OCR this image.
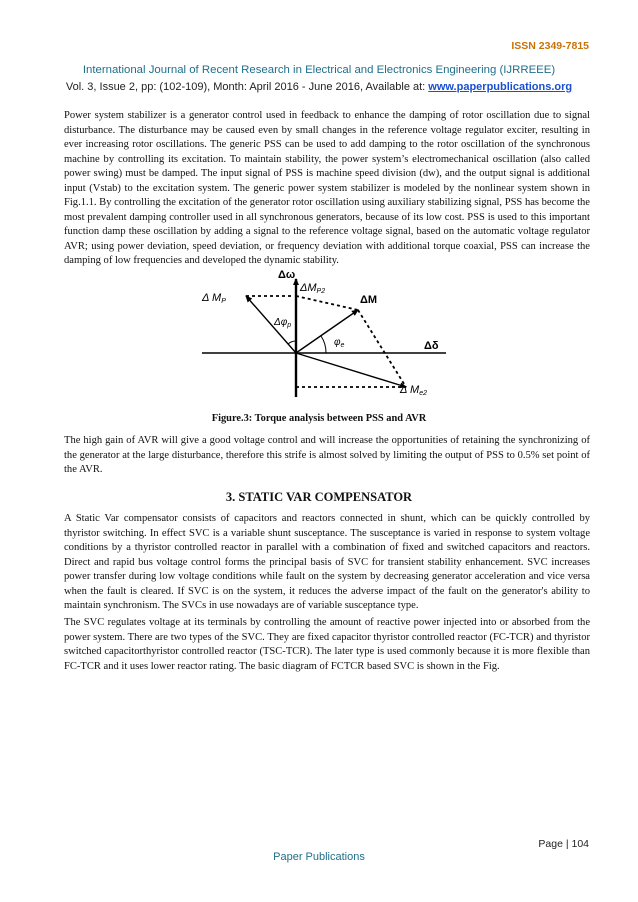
ISSN 2349-7815
International Journal of Recent Research in Electrical and Electronics Engineering (IJRREEE)
Vol. 3, Issue 2, pp: (102-109), Month: April 2016 - June 2016, Available at: www.paperpublications.org

Power system stabilizer is a generator control used in feedback to enhance the damping of rotor oscillation due to signal disturbance. The disturbance may be caused even by small changes in the reference voltage regulator exciter, resulting in ever increasing rotor oscillations. The generic PSS can be used to add damping to the rotor oscillation of the synchronous machine by controlling its excitation. To maintain stability, the power system’s electromechanical oscillation (also called power swing) must be damped. The input signal of PSS is machine speed division (dw), and the output signal is additional input (Vstab) to the excitation system. The generic power system stabilizer is modeled by the nonlinear system shown in Fig.1.1. By controlling the excitation of the generator rotor oscillation using auxiliary stabilizing signal, PSS has become the most prevalent damping controller used in all synchronous generators, because of its low cost. PSS is used to this important function damp these oscillation by adding a signal to the reference voltage signal, based on the automatic voltage regulator AVR; using power deviation, speed deviation, or frequency deviation with additional torque coaxial, PSS can increase the damping of low frequencies and developed the dynamic stability.

Δω
Δδ
Δ MP
ΔMP2
ΔM
Δ Me2
$\Delta\varphi_p$
$\varphi_e$
Figure.3: Torque analysis between PSS and AVR

The high gain of AVR will give a good voltage control and will increase the opportunities of retaining the synchronizing of the generator at the large disturbance, therefore this strife is almost solved by limiting the output of PSS to 0.5% set point of the AVR.

3. STATIC VAR COMPENSATOR

A Static Var compensator consists of capacitors and reactors connected in shunt, which can be quickly controlled by thyristor switching. In effect SVC is a variable shunt susceptance. The susceptance is varied in response to system voltage conditions by a thyristor controlled reactor in parallel with a combination of fixed and switched capacitors and reactors. Direct and rapid bus voltage control forms the principal basis of SVC for transient stability enhancement. SVC increases power transfer during low voltage conditions while fault on the system by decreasing generator acceleration and vice versa when the fault is cleared. If SVC is on the system, it reduces the adverse impact of the fault on the generator's ability to maintain synchronism. The SVCs in use nowadays are of variable susceptance type.

The SVC regulates voltage at its terminals by controlling the amount of reactive power injected into or absorbed from the power system. There are two types of the SVC. They are fixed capacitor thyristor controlled reactor (FC-TCR) and thyristor switched capacitorthyristor controlled reactor (TSC-TCR). The later type is used commonly because it is more flexible than FC-TCR and it uses lower reactor rating. The basic diagram of FCTCR based SVC is shown in the Fig.

Page | 104
Paper Publications
